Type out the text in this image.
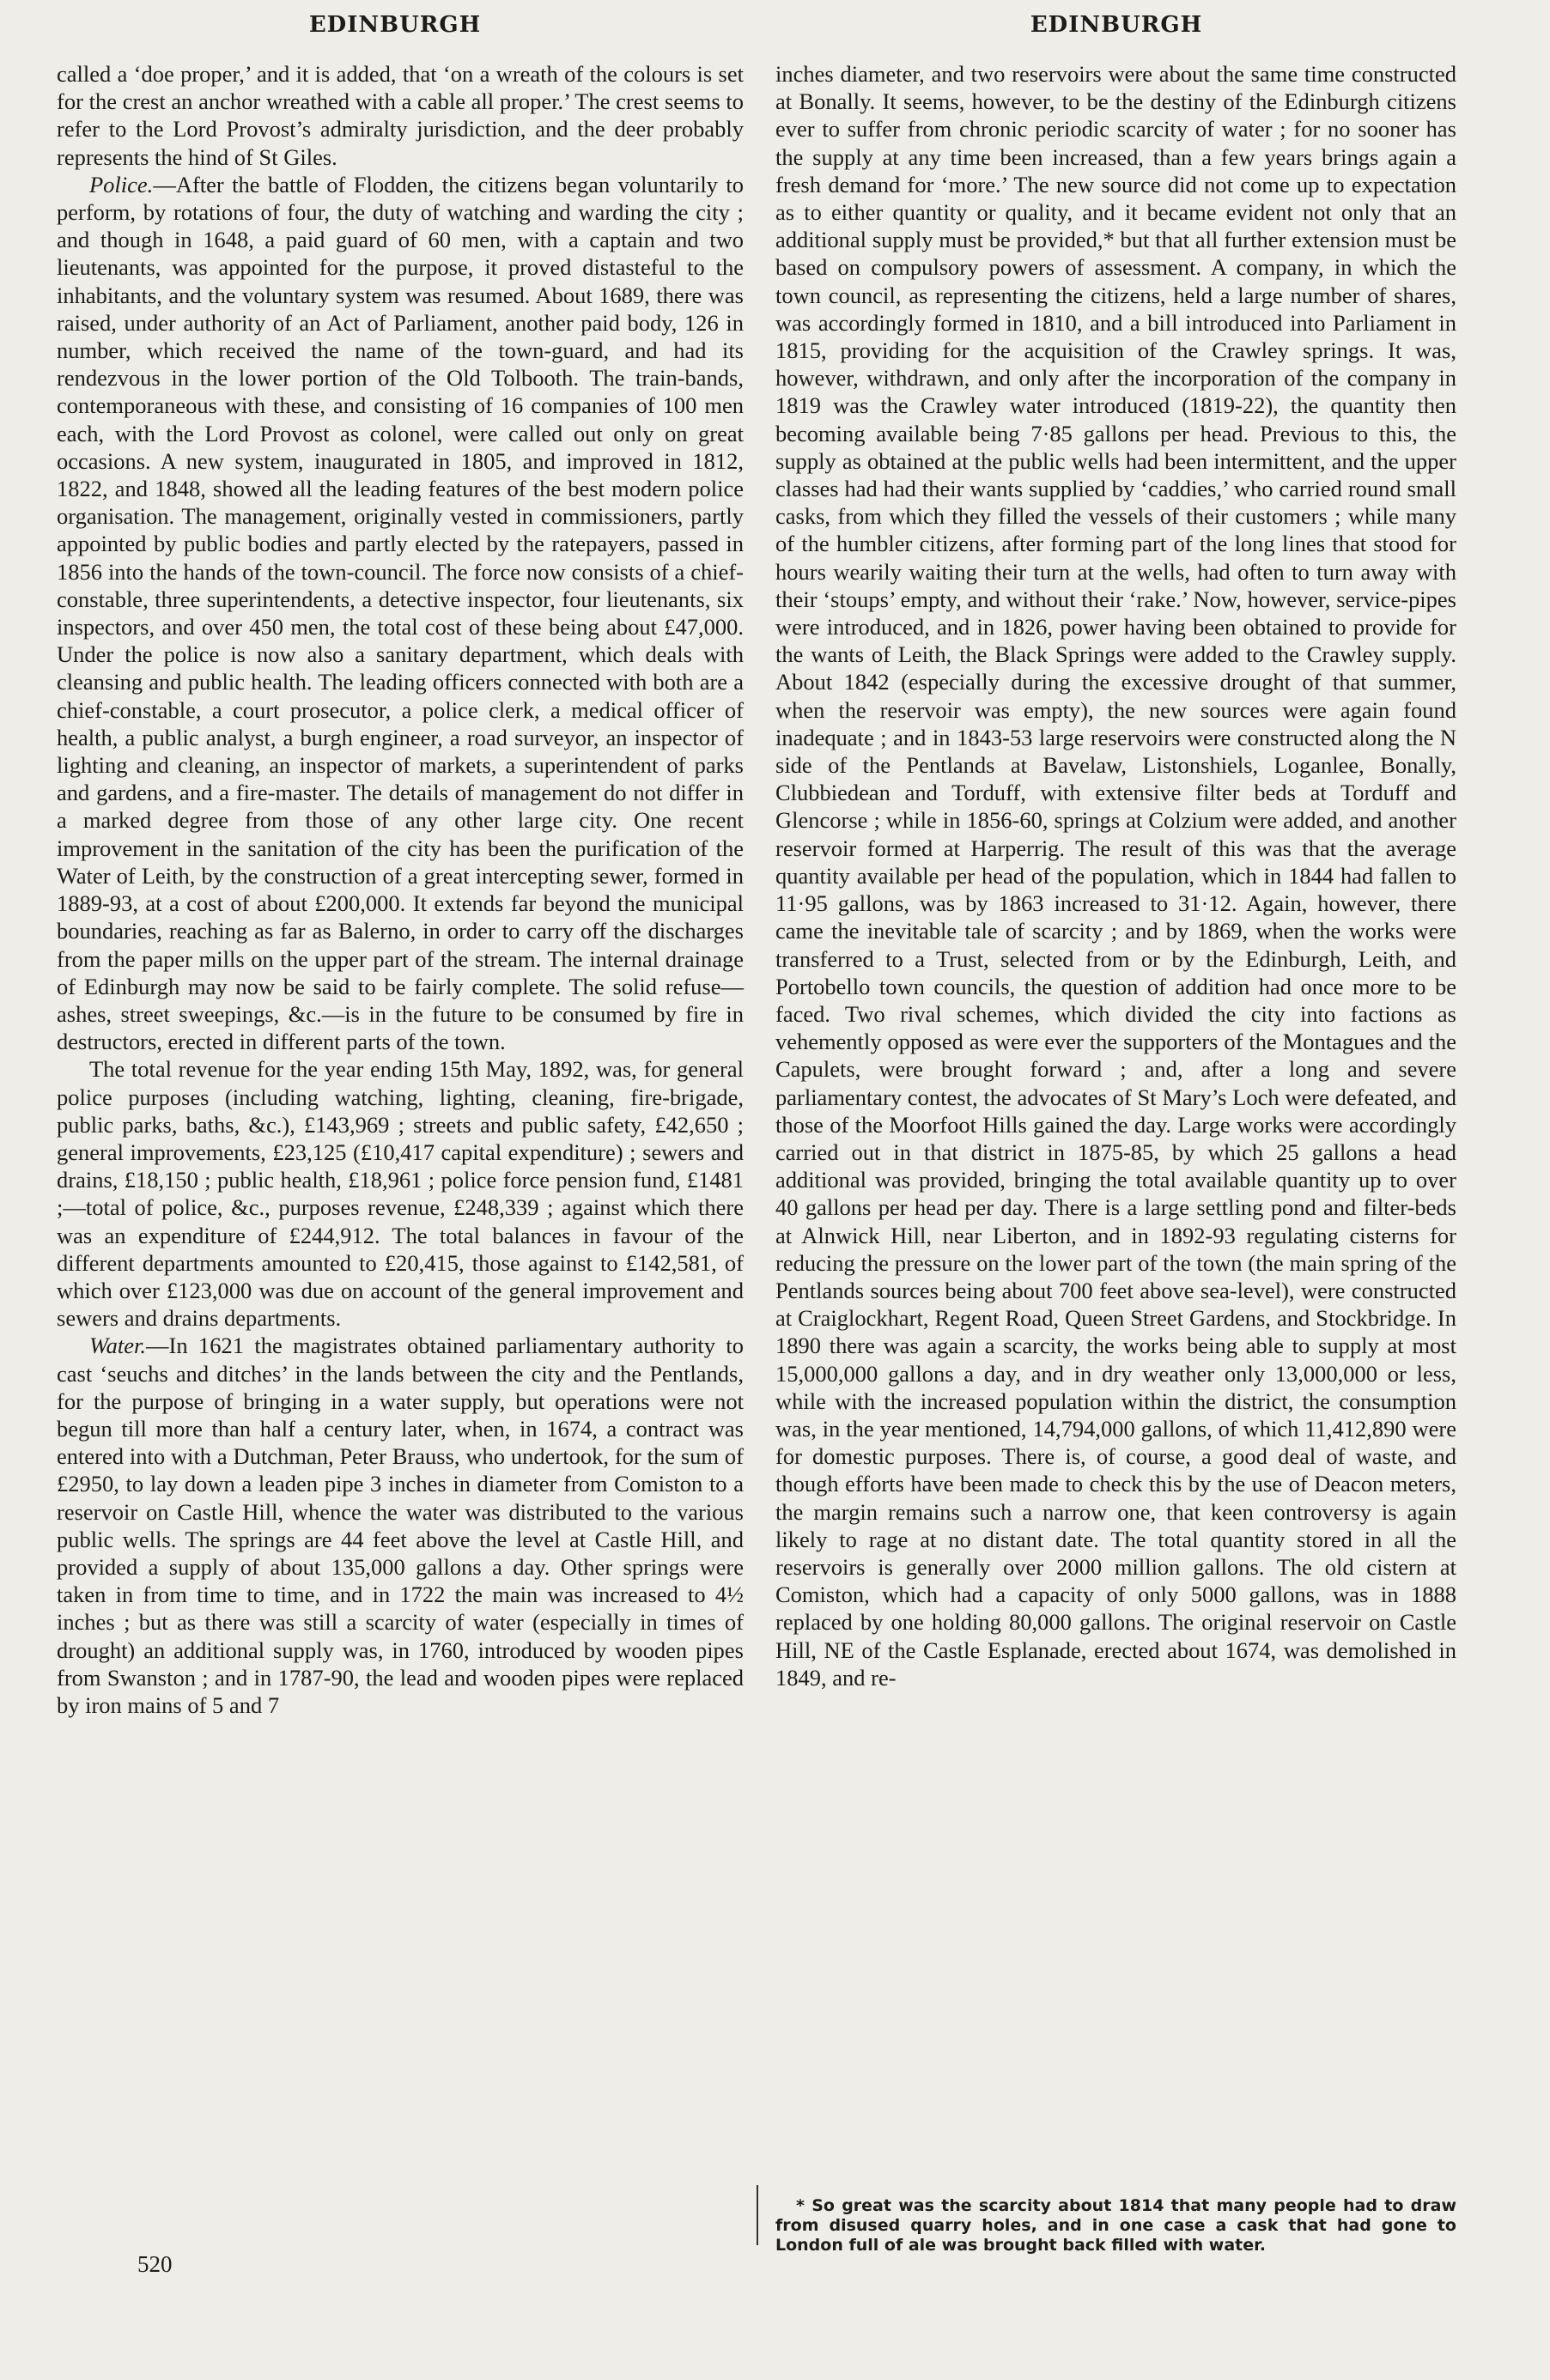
EDINBURGH	EDINBURGH

called a ‘doe proper,’ and it is added, that ‘on a wreath of the colours is set for the crest an anchor wreathed with a cable all proper.’ The crest seems to refer to the Lord Provost’s admiralty jurisdiction, and the deer probably represents the hind of St Giles.

Police.—After the battle of Flodden, the citizens began voluntarily to perform, by rotations of four, the duty of watching and warding the city ; and though in 1648, a paid guard of 60 men, with a captain and two lieutenants, was appointed for the purpose, it proved distasteful to the inhabitants, and the voluntary system was resumed. About 1689, there was raised, under authority of an Act of Parliament, another paid body, 126 in number, which received the name of the town-guard, and had its rendezvous in the lower portion of the Old Tolbooth. The train-bands, contemporaneous with these, and consisting of 16 companies of 100 men each, with the Lord Provost as colonel, were called out only on great occasions. A new system, inaugurated in 1805, and improved in 1812, 1822, and 1848, showed all the leading features of the best modern police organisation. The management, originally vested in commissioners, partly appointed by public bodies and partly elected by the ratepayers, passed in 1856 into the hands of the town-council. The force now consists of a chief-constable, three superintendents, a detective inspector, four lieutenants, six inspectors, and over 450 men, the total cost of these being about £47,000. Under the police is now also a sanitary department, which deals with cleansing and public health. The leading officers connected with both are a chief-constable, a court prosecutor, a police clerk, a medical officer of health, a public analyst, a burgh engineer, a road surveyor, an inspector of lighting and cleaning, an inspector of markets, a superintendent of parks and gardens, and a fire-master. The details of management do not differ in a marked degree from those of any other large city. One recent improvement in the sanitation of the city has been the purification of the Water of Leith, by the construction of a great intercepting sewer, formed in 1889-93, at a cost of about £200,000. It extends far beyond the municipal boundaries, reaching as far as Balerno, in order to carry off the discharges from the paper mills on the upper part of the stream. The internal drainage of Edinburgh may now be said to be fairly complete. The solid refuse—ashes, street sweepings, &c.—is in the future to be consumed by fire in destructors, erected in different parts of the town.

The total revenue for the year ending 15th May, 1892, was, for general police purposes (including watching, lighting, cleaning, fire-brigade, public parks, baths, &c.), £143,969 ; streets and public safety, £42,650 ; general improvements, £23,125 (£10,417 capital expenditure) ; sewers and drains, £18,150 ; public health, £18,961 ; police force pension fund, £1481 ;—total of police, &c., purposes revenue, £248,339 ; against which there was an expenditure of £244,912. The total balances in favour of the different departments amounted to £20,415, those against to £142,581, of which over £123,000 was due on account of the general improvement and sewers and drains departments.

Water.—In 1621 the magistrates obtained parliamentary authority to cast ‘seuchs and ditches’ in the lands between the city and the Pentlands, for the purpose of bringing in a water supply, but operations were not begun till more than half a century later, when, in 1674, a contract was entered into with a Dutchman, Peter Brauss, who undertook, for the sum of £2950, to lay down a leaden pipe 3 inches in diameter from Comiston to a reservoir on Castle Hill, whence the water was distributed to the various public wells. The springs are 44 feet above the level at Castle Hill, and provided a supply of about 135,000 gallons a day. Other springs were taken in from time to time, and in 1722 the main was increased to 4½ inches ; but as there was still a scarcity of water (especially in times of drought) an additional supply was, in 1760, introduced by wooden pipes from Swanston ; and in 1787-90, the lead and wooden pipes were replaced by iron mains of 5 and 7

inches diameter, and two reservoirs were about the same time constructed at Bonally. It seems, however, to be the destiny of the Edinburgh citizens ever to suffer from chronic periodic scarcity of water ; for no sooner has the supply at any time been increased, than a few years brings again a fresh demand for ‘more.’ The new source did not come up to expectation as to either quantity or quality, and it became evident not only that an additional supply must be provided,* but that all further extension must be based on compulsory powers of assessment. A company, in which the town council, as representing the citizens, held a large number of shares, was accordingly formed in 1810, and a bill introduced into Parliament in 1815, providing for the acquisition of the Crawley springs. It was, however, withdrawn, and only after the incorporation of the company in 1819 was the Crawley water introduced (1819-22), the quantity then becoming available being 7·85 gallons per head. Previous to this, the supply as obtained at the public wells had been intermittent, and the upper classes had had their wants supplied by ‘caddies,’ who carried round small casks, from which they filled the vessels of their customers ; while many of the humbler citizens, after forming part of the long lines that stood for hours wearily waiting their turn at the wells, had often to turn away with their ‘stoups’ empty, and without their ‘rake.’ Now, however, service-pipes were introduced, and in 1826, power having been obtained to provide for the wants of Leith, the Black Springs were added to the Crawley supply. About 1842 (especially during the excessive drought of that summer, when the reservoir was empty), the new sources were again found inadequate ; and in 1843-53 large reservoirs were constructed along the N side of the Pentlands at Bavelaw, Listonshiels, Loganlee, Bonally, Clubbiedean and Torduff, with extensive filter beds at Torduff and Glencorse ; while in 1856-60, springs at Colzium were added, and another reservoir formed at Harperrig. The result of this was that the average quantity available per head of the population, which in 1844 had fallen to 11·95 gallons, was by 1863 increased to 31·12. Again, however, there came the inevitable tale of scarcity ; and by 1869, when the works were transferred to a Trust, selected from or by the Edinburgh, Leith, and Portobello town councils, the question of addition had once more to be faced. Two rival schemes, which divided the city into factions as vehemently opposed as were ever the supporters of the Montagues and the Capulets, were brought forward ; and, after a long and severe parliamentary contest, the advocates of St Mary’s Loch were defeated, and those of the Moorfoot Hills gained the day. Large works were accordingly carried out in that district in 1875-85, by which 25 gallons a head additional was provided, bringing the total available quantity up to over 40 gallons per head per day. There is a large settling pond and filter-beds at Alnwick Hill, near Liberton, and in 1892-93 regulating cisterns for reducing the pressure on the lower part of the town (the main spring of the Pentlands sources being about 700 feet above sea-level), were constructed at Craiglockhart, Regent Road, Queen Street Gardens, and Stockbridge. In 1890 there was again a scarcity, the works being able to supply at most 15,000,000 gallons a day, and in dry weather only 13,000,000 or less, while with the increased population within the district, the consumption was, in the year mentioned, 14,794,000 gallons, of which 11,412,890 were for domestic purposes. There is, of course, a good deal of waste, and though efforts have been made to check this by the use of Deacon meters, the margin remains such a narrow one, that keen controversy is again likely to rage at no distant date. The total quantity stored in all the reservoirs is generally over 2000 million gallons. The old cistern at Comiston, which had a capacity of only 5000 gallons, was in 1888 replaced by one holding 80,000 gallons. The original reservoir on Castle Hill, NE of the Castle Esplanade, erected about 1674, was demolished in 1849, and re-

* So great was the scarcity about 1814 that many people had to draw from disused quarry holes, and in one case a cask that had gone to London full of ale was brought back filled with water.

520
